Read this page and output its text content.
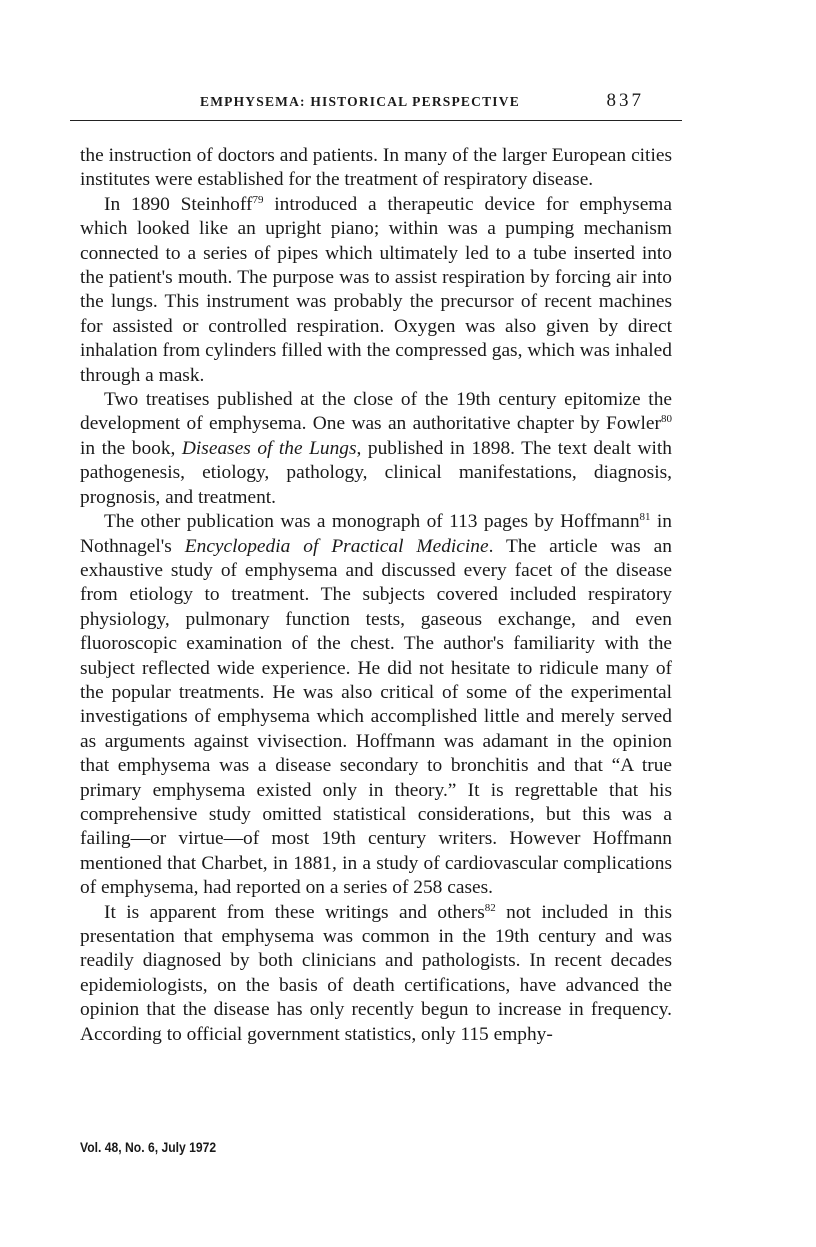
EMPHYSEMA: HISTORICAL PERSPECTIVE	837

the instruction of doctors and patients. In many of the larger European cities institutes were established for the treatment of respiratory disease.

In 1890 Steinhoff$^{79}$ introduced a therapeutic device for emphysema which looked like an upright piano; within was a pumping mechanism connected to a series of pipes which ultimately led to a tube inserted into the patient's mouth. The purpose was to assist respiration by forcing air into the lungs. This instrument was probably the precursor of recent machines for assisted or controlled respiration. Oxygen was also given by direct inhalation from cylinders filled with the compressed gas, which was inhaled through a mask.

Two treatises published at the close of the 19th century epitomize the development of emphysema. One was an authoritative chapter by Fowler$^{80}$ in the book, Diseases of the Lungs, published in 1898. The text dealt with pathogenesis, etiology, pathology, clinical manifestations, diagnosis, prognosis, and treatment.

The other publication was a monograph of 113 pages by Hoffmann$^{81}$ in Nothnagel's Encyclopedia of Practical Medicine. The article was an exhaustive study of emphysema and discussed every facet of the disease from etiology to treatment. The subjects covered included respiratory physiology, pulmonary function tests, gaseous exchange, and even fluoroscopic examination of the chest. The author's familiarity with the subject reflected wide experience. He did not hesitate to ridicule many of the popular treatments. He was also critical of some of the experimental investigations of emphysema which accomplished little and merely served as arguments against vivisection. Hoffmann was adamant in the opinion that emphysema was a disease secondary to bronchitis and that “A true primary emphysema existed only in theory.” It is regrettable that his comprehensive study omitted statistical considerations, but this was a failing—or virtue—of most 19th century writers. However Hoffmann mentioned that Charbet, in 1881, in a study of cardiovascular complications of emphysema, had reported on a series of 258 cases.

It is apparent from these writings and others$^{82}$ not included in this presentation that emphysema was common in the 19th century and was readily diagnosed by both clinicians and pathologists. In recent decades epidemiologists, on the basis of death certifications, have advanced the opinion that the disease has only recently begun to increase in frequency. According to official government statistics, only 115 emphy-

Vol. 48, No. 6, July 1972
